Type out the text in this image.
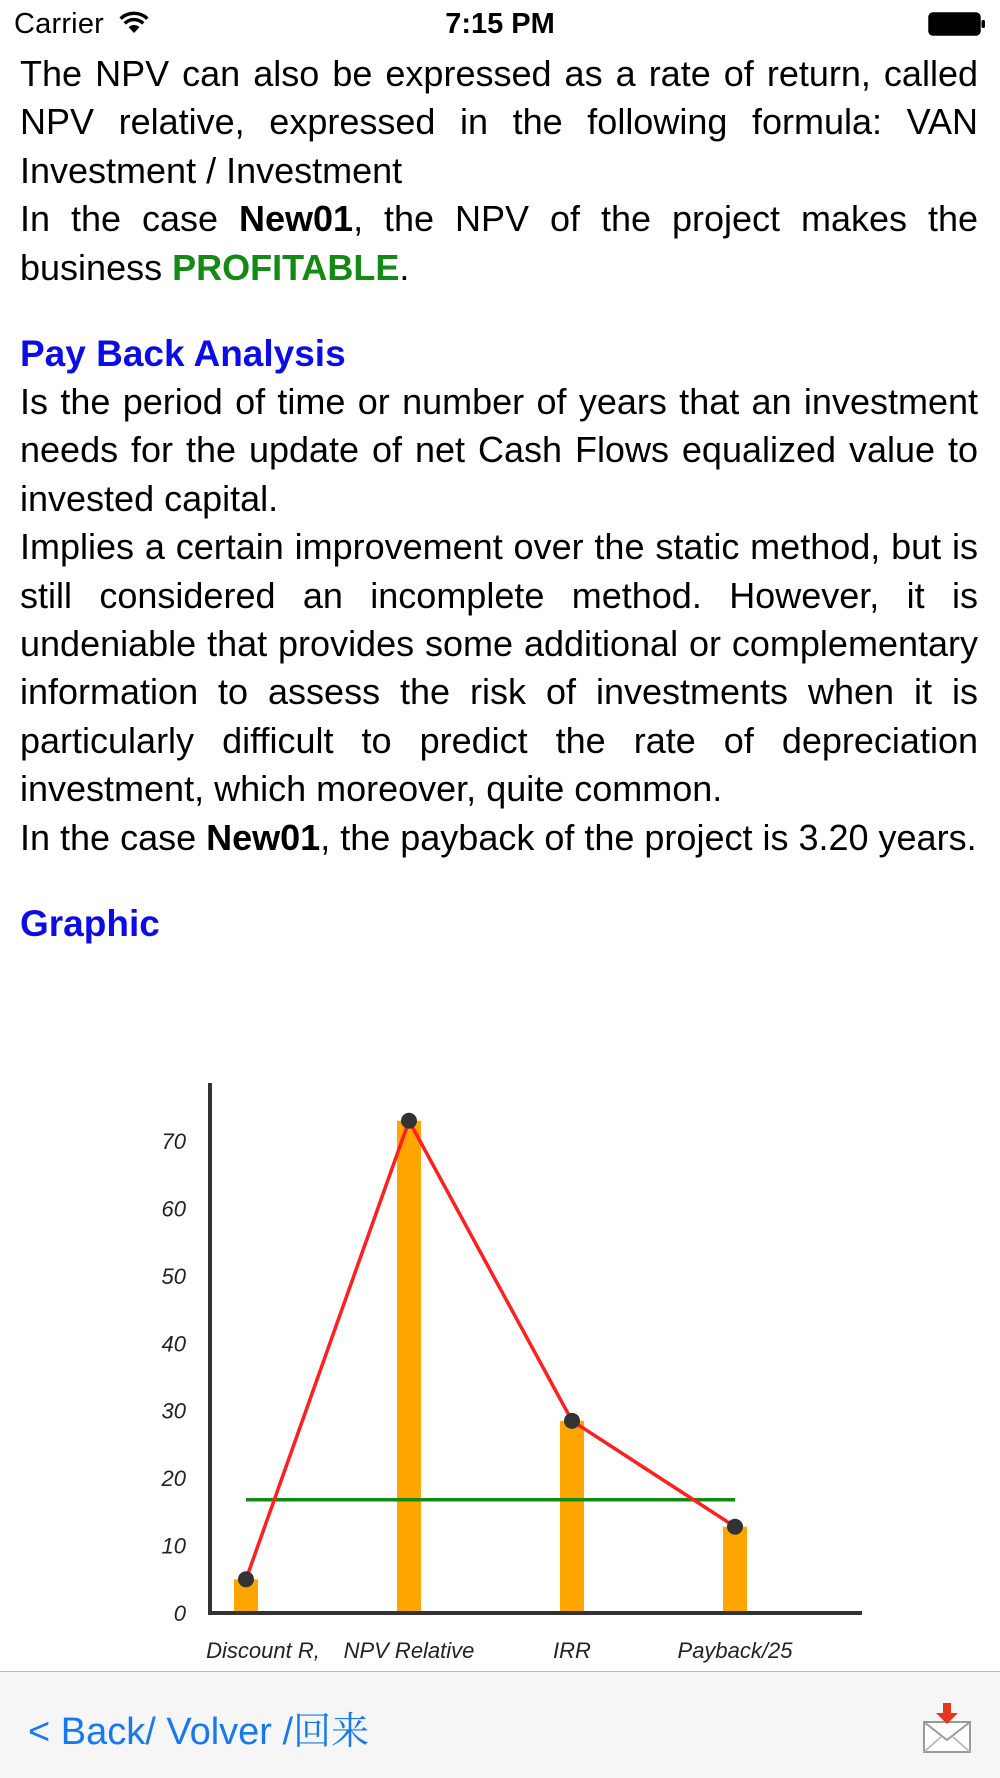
Carrier	7:15 PM

The NPV can also be expressed as a rate of return, called NPV relative, expressed in the following formula: VAN Investment / Investment

In the case New01, the NPV of the project makes the business PROFITABLE.

Pay Back Analysis

Is the period of time or number of years that an investment needs for the update of net Cash Flows equalized value to invested capital.

Implies a certain improvement over the static method, but is still considered an incomplete method. However, it is undeniable that provides some additional or complementary information to assess the risk of investments when it is particularly difficult to predict the rate of depreciation investment, which moreover, quite common.

In the case New01, the payback of the project is 3.20 years.

Graphic
0
10
20
30
40
50
60
70
Discount R, NPV Relative	IRR	Payback/25
< Back/ Volver /回来
